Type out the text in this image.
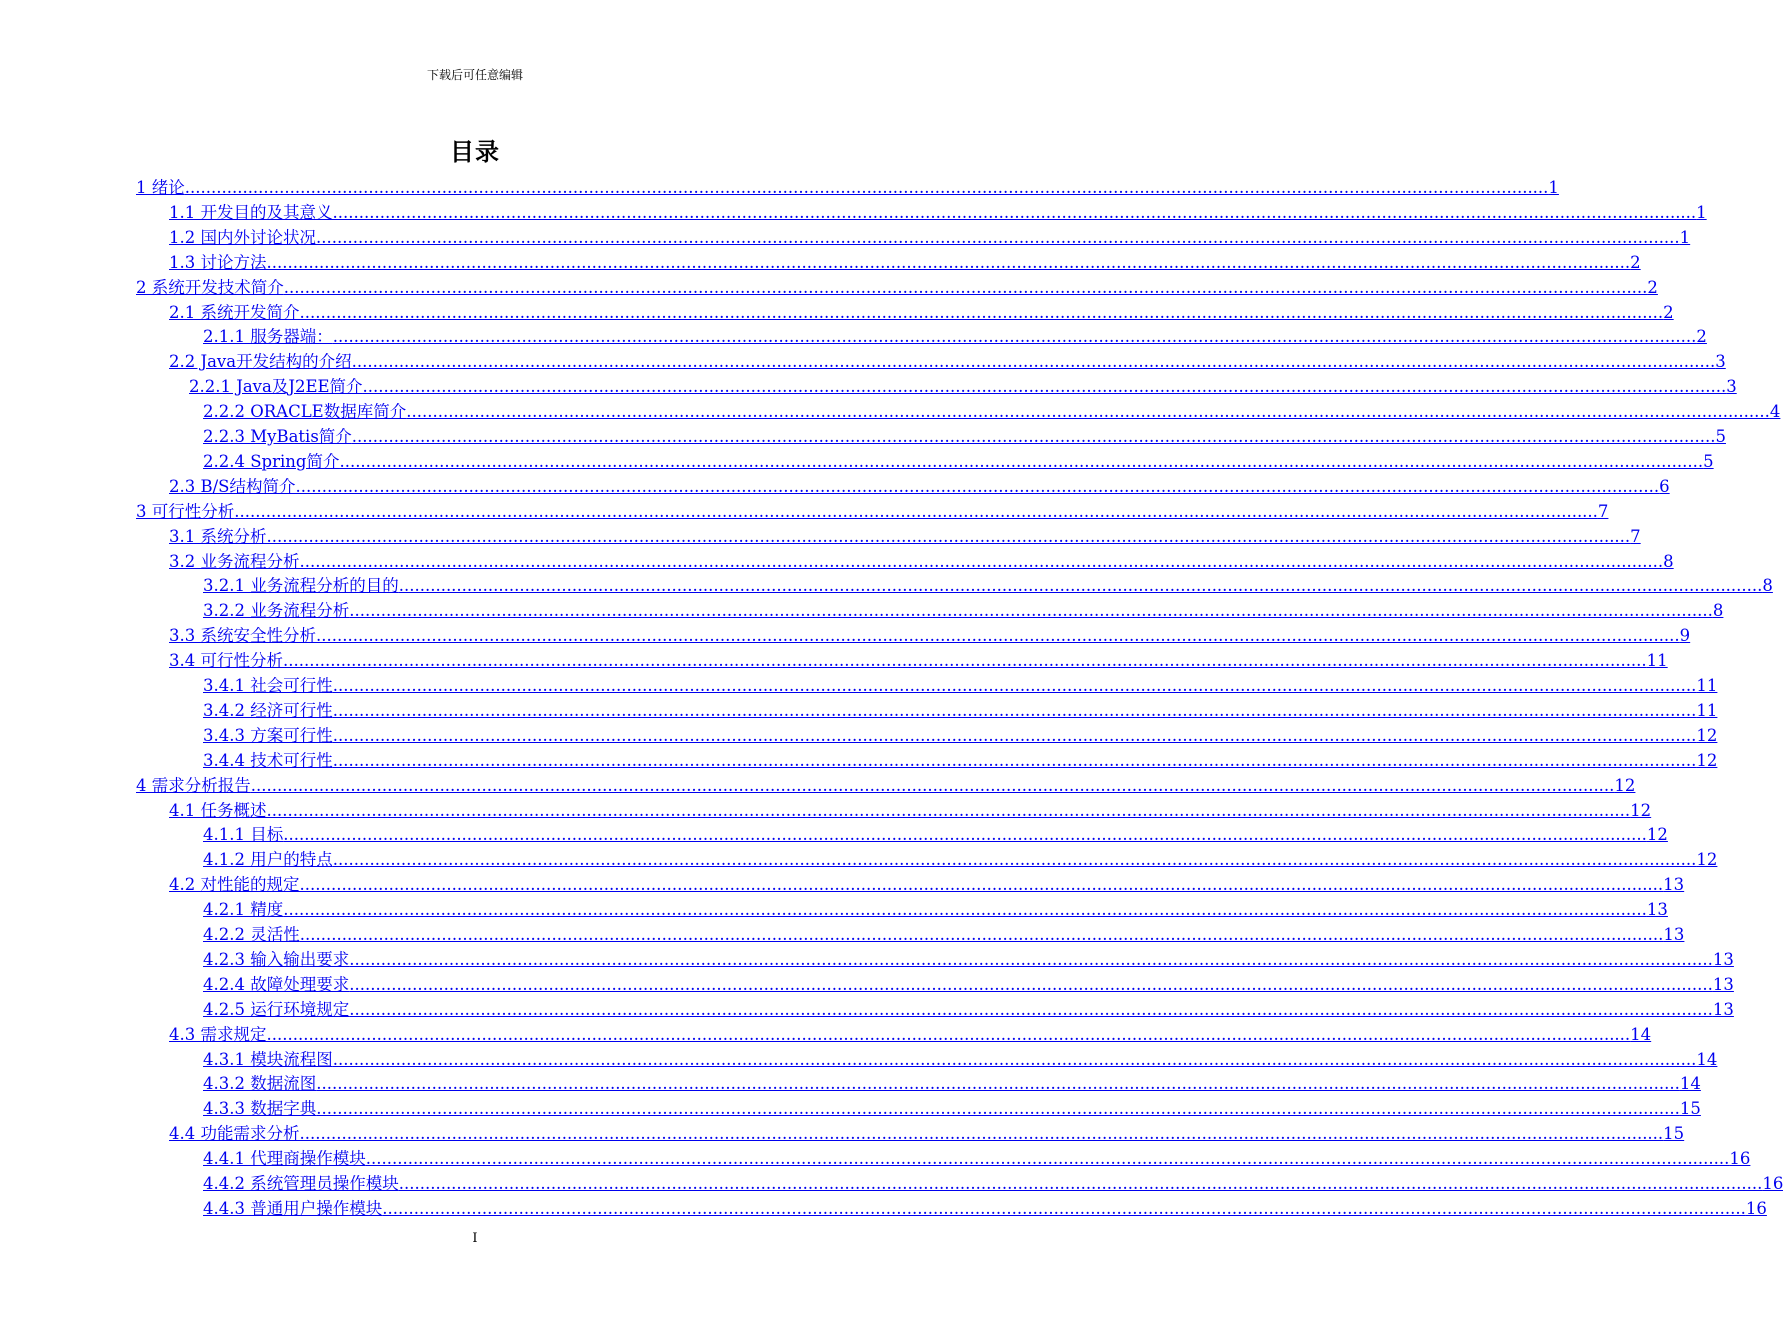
下载后可任意编辑
目录
1 绪论 .................................................................................................................................................................................................................................................................... 1
1.1 开发目的及其意义 .................................................................................................................................................................................................................................................................... 1
1.2 国内外讨论状况 .................................................................................................................................................................................................................................................................... 1
1.3 讨论方法 .................................................................................................................................................................................................................................................................... 2
2 系统开发技术简介 .................................................................................................................................................................................................................................................................... 2
2.1 系统开发简介 .................................................................................................................................................................................................................................................................... 2
2.1.1 服务器端： .................................................................................................................................................................................................................................................................... 2
2.2 Java开发结构的介绍 .................................................................................................................................................................................................................................................................... 3
2.2.1 Java及J2EE简介 .................................................................................................................................................................................................................................................................... 3
2.2.2 ORACLE数据库简介 .................................................................................................................................................................................................................................................................... 4
2.2.3 MyBatis简介 .................................................................................................................................................................................................................................................................... 5
2.2.4 Spring简介 .................................................................................................................................................................................................................................................................... 5
2.3 B/S结构简介 .................................................................................................................................................................................................................................................................... 6
3 可行性分析 .................................................................................................................................................................................................................................................................... 7
3.1 系统分析 .................................................................................................................................................................................................................................................................... 7
3.2 业务流程分析 .................................................................................................................................................................................................................................................................... 8
3.2.1 业务流程分析的目的 .................................................................................................................................................................................................................................................................... 8
3.2.2 业务流程分析 .................................................................................................................................................................................................................................................................... 8
3.3 系统安全性分析 .................................................................................................................................................................................................................................................................... 9
3.4 可行性分析 .................................................................................................................................................................................................................................................................... 11
3.4.1 社会可行性 .................................................................................................................................................................................................................................................................... 11
3.4.2 经济可行性 .................................................................................................................................................................................................................................................................... 11
3.4.3 方案可行性 .................................................................................................................................................................................................................................................................... 12
3.4.4 技术可行性 .................................................................................................................................................................................................................................................................... 12
4 需求分析报告 .................................................................................................................................................................................................................................................................... 12
4.1 任务概述 .................................................................................................................................................................................................................................................................... 12
4.1.1 目标 .................................................................................................................................................................................................................................................................... 12
4.1.2 用户的特点 .................................................................................................................................................................................................................................................................... 12
4.2 对性能的规定 .................................................................................................................................................................................................................................................................... 13
4.2.1 精度 .................................................................................................................................................................................................................................................................... 13
4.2.2 灵活性 .................................................................................................................................................................................................................................................................... 13
4.2.3 输入输出要求 .................................................................................................................................................................................................................................................................... 13
4.2.4 故障处理要求 .................................................................................................................................................................................................................................................................... 13
4.2.5 运行环境规定 .................................................................................................................................................................................................................................................................... 13
4.3 需求规定 .................................................................................................................................................................................................................................................................... 14
4.3.1 模块流程图 .................................................................................................................................................................................................................................................................... 14
4.3.2 数据流图 .................................................................................................................................................................................................................................................................... 14
4.3.3 数据字典 .................................................................................................................................................................................................................................................................... 15
4.4 功能需求分析 .................................................................................................................................................................................................................................................................... 15
4.4.1 代理商操作模块 .................................................................................................................................................................................................................................................................... 16
4.4.2 系统管理员操作模块 .................................................................................................................................................................................................................................................................... 16
4.4.3 普通用户操作模块 .................................................................................................................................................................................................................................................................... 16
I
